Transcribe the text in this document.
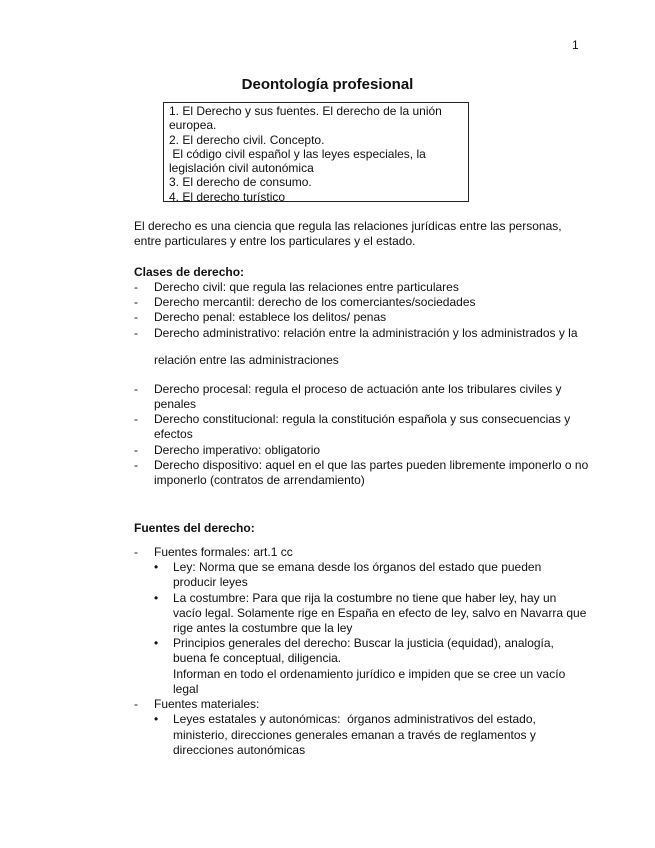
1
Deontología profesional
1. El Derecho y sus fuentes. El derecho de la unión
europea.
2. El derecho civil. Concepto.
El código civil español y las leyes especiales, la
legislación civil autonómica
3. El derecho de consumo.
4. El derecho turístico
El derecho es una ciencia que regula las relaciones jurídicas entre las personas,
entre particulares y entre los particulares y el estado.
Clases de derecho:
- Derecho civil: que regula las relaciones entre particulares
- Derecho mercantil: derecho de los comerciantes/sociedades
- Derecho penal: establece los delitos/ penas
- Derecho administrativo: relación entre la administración y los administrados y la
relación entre las administraciones
- Derecho procesal: regula el proceso de actuación ante los tribulares civiles y
penales
- Derecho constitucional: regula la constitución española y sus consecuencias y
efectos
- Derecho imperativo: obligatorio
- Derecho dispositivo: aquel en el que las partes pueden libremente imponerlo o no
imponerlo (contratos de arrendamiento)
Fuentes del derecho:
- Fuentes formales: art.1 cc
• Ley: Norma que se emana desde los órganos del estado que pueden
producir leyes
• La costumbre: Para que rija la costumbre no tiene que haber ley, hay un
vacío legal. Solamente rige en España en efecto de ley, salvo en Navarra que
rige antes la costumbre que la ley
• Principios generales del derecho: Buscar la justicia (equidad), analogía,
buena fe conceptual, diligencia.
Informan en todo el ordenamiento jurídico e impiden que se cree un vacío
legal
- Fuentes materiales:
• Leyes estatales y autonómicas:  órganos administrativos del estado,
ministerio, direcciones generales emanan a través de reglamentos y
direcciones autonómicas
